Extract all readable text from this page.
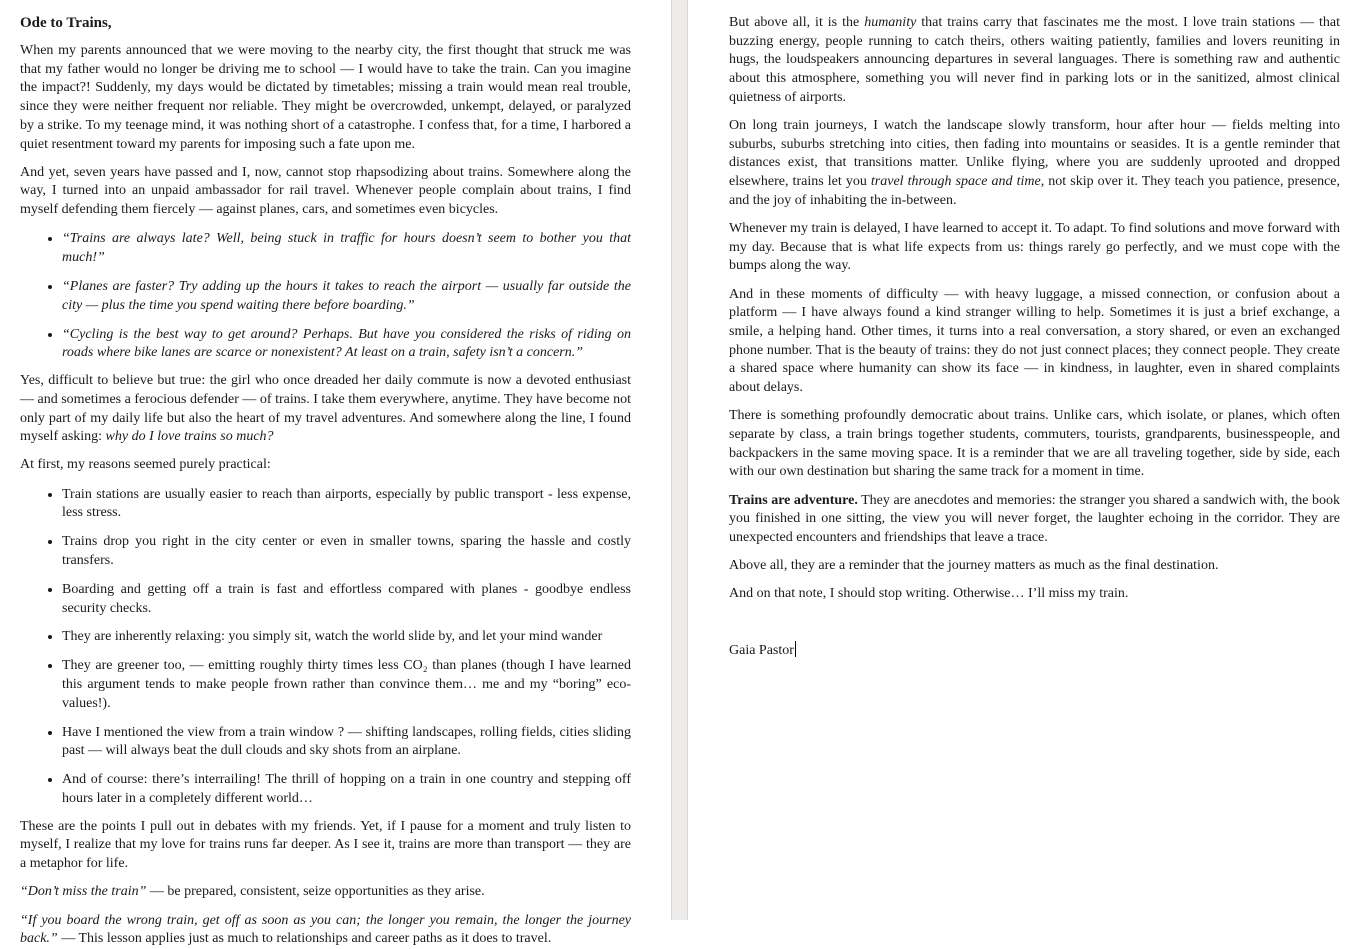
Ode to Trains,

When my parents announced that we were moving to the nearby city, the first thought that struck me was that my father would no longer be driving me to school — I would have to take the train. Can you imagine the impact?! Suddenly, my days would be dictated by timetables; missing a train would mean real trouble, since they were neither frequent nor reliable. They might be overcrowded, unkempt, delayed, or paralyzed by a strike. To my teenage mind, it was nothing short of a catastrophe. I confess that, for a time, I harbored a quiet resentment toward my parents for imposing such a fate upon me.

And yet, seven years have passed and I, now, cannot stop rhapsodizing about trains. Somewhere along the way, I turned into an unpaid ambassador for rail travel. Whenever people complain about trains, I find myself defending them fiercely — against planes, cars, and sometimes even bicycles.

• “Trains are always late? Well, being stuck in traffic for hours doesn’t seem to bother you that much!”
• “Planes are faster? Try adding up the hours it takes to reach the airport — usually far outside the city — plus the time you spend waiting there before boarding.”
• “Cycling is the best way to get around? Perhaps. But have you considered the risks of riding on roads where bike lanes are scarce or nonexistent? At least on a train, safety isn’t a concern.”

Yes, difficult to believe but true: the girl who once dreaded her daily commute is now a devoted enthusiast — and sometimes a ferocious defender — of trains. I take them everywhere, anytime. They have become not only part of my daily life but also the heart of my travel adventures. And somewhere along the line, I found myself asking: why do I love trains so much?

At first, my reasons seemed purely practical:

• Train stations are usually easier to reach than airports, especially by public transport - less expense, less stress.
• Trains drop you right in the city center or even in smaller towns, sparing the hassle and costly transfers.
• Boarding and getting off a train is fast and effortless compared with planes - goodbye endless security checks.
• They are inherently relaxing: you simply sit, watch the world slide by, and let your mind wander
• They are greener too, — emitting roughly thirty times less CO₂ than planes (though I have learned this argument tends to make people frown rather than convince them… me and my “boring” eco-values!).
• Have I mentioned the view from a train window ? — shifting landscapes, rolling fields, cities sliding past — will always beat the dull clouds and sky shots from an airplane.
• And of course: there’s interrailing! The thrill of hopping on a train in one country and stepping off hours later in a completely different world…

These are the points I pull out in debates with my friends. Yet, if I pause for a moment and truly listen to myself, I realize that my love for trains runs far deeper. As I see it, trains are more than transport — they are a metaphor for life.

“Don’t miss the train” — be prepared, consistent, seize opportunities as they arise.

“If you board the wrong train, get off as soon as you can; the longer you remain, the longer the journey back.” — This lesson applies just as much to relationships and career paths as it does to travel.

But above all, it is the humanity that trains carry that fascinates me the most. I love train stations — that buzzing energy, people running to catch theirs, others waiting patiently, families and lovers reuniting in hugs, the loudspeakers announcing departures in several languages. There is something raw and authentic about this atmosphere, something you will never find in parking lots or in the sanitized, almost clinical quietness of airports.

On long train journeys, I watch the landscape slowly transform, hour after hour — fields melting into suburbs, suburbs stretching into cities, then fading into mountains or seasides. It is a gentle reminder that distances exist, that transitions matter. Unlike flying, where you are suddenly uprooted and dropped elsewhere, trains let you travel through space and time, not skip over it. They teach you patience, presence, and the joy of inhabiting the in-between.

Whenever my train is delayed, I have learned to accept it. To adapt. To find solutions and move forward with my day. Because that is what life expects from us: things rarely go perfectly, and we must cope with the bumps along the way.

And in these moments of difficulty — with heavy luggage, a missed connection, or confusion about a platform — I have always found a kind stranger willing to help. Sometimes it is just a brief exchange, a smile, a helping hand. Other times, it turns into a real conversation, a story shared, or even an exchanged phone number. That is the beauty of trains: they do not just connect places; they connect people. They create a shared space where humanity can show its face — in kindness, in laughter, even in shared complaints about delays.

There is something profoundly democratic about trains. Unlike cars, which isolate, or planes, which often separate by class, a train brings together students, commuters, tourists, grandparents, businesspeople, and backpackers in the same moving space. It is a reminder that we are all traveling together, side by side, each with our own destination but sharing the same track for a moment in time.

Trains are adventure. They are anecdotes and memories: the stranger you shared a sandwich with, the book you finished in one sitting, the view you will never forget, the laughter echoing in the corridor. They are unexpected encounters and friendships that leave a trace.

Above all, they are a reminder that the journey matters as much as the final destination.

And on that note, I should stop writing. Otherwise… I’ll miss my train.

Gaia Pastor
